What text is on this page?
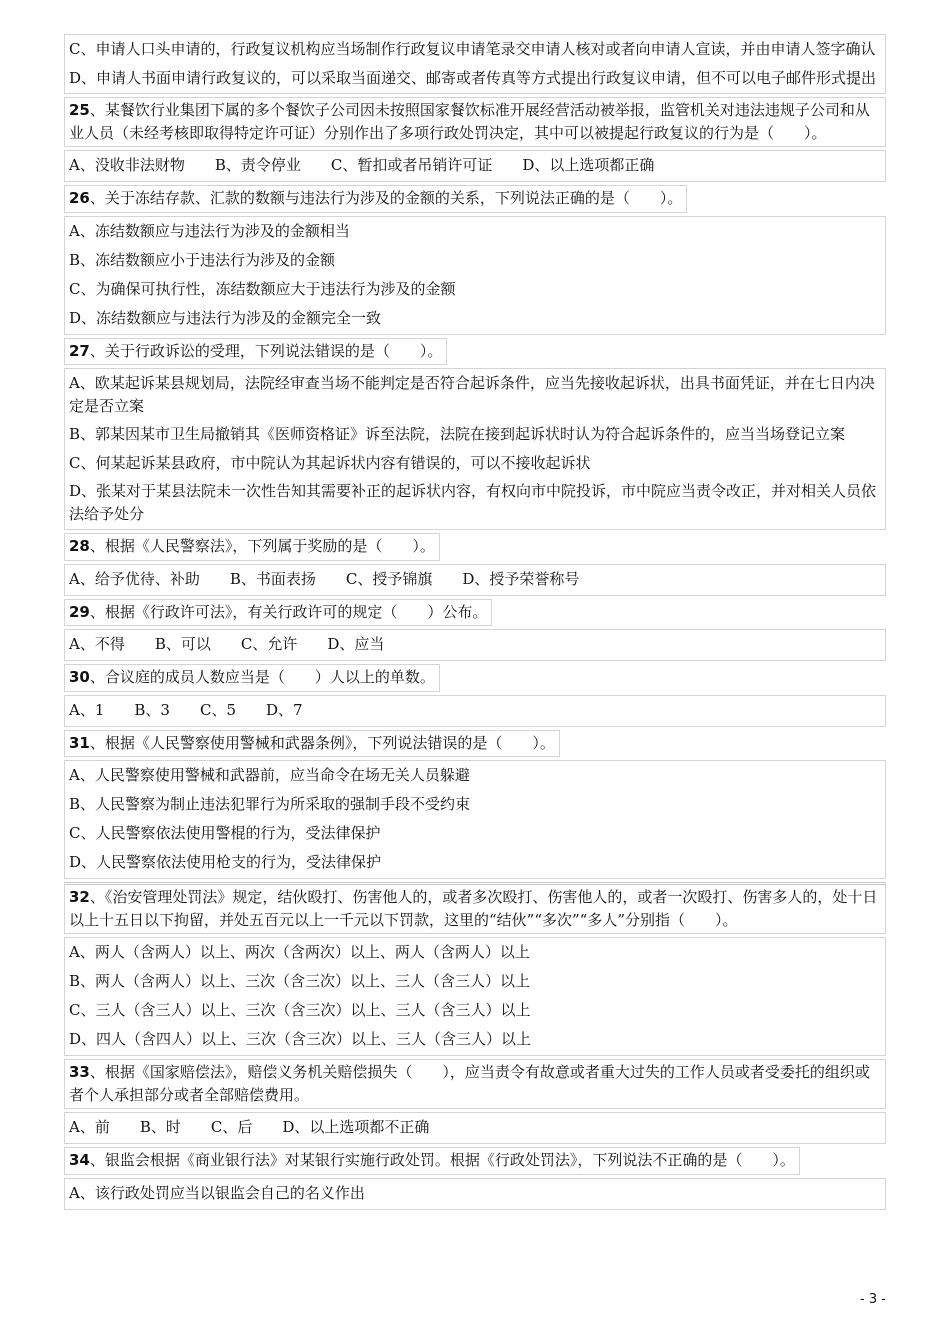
C、申请人口头申请的，行政复议机构应当场制作行政复议申请笔录交申请人核对或者向申请人宣读，并由申请人签字确认
D、申请人书面申请行政复议的，可以采取当面递交、邮寄或者传真等方式提出行政复议申请，但不可以电子邮件形式提出
25、某餐饮行业集团下属的多个餐饮子公司因未按照国家餐饮标准开展经营活动被举报，监管机关对违法违规子公司和从业人员（未经考核即取得特定许可证）分别作出了多项行政处罚决定，其中可以被提起行政复议的行为是（　　）。
A、没收非法财物 B、责令停业 C、暂扣或者吊销许可证 D、以上选项都正确
26、关于冻结存款、汇款的数额与违法行为涉及的金额的关系，下列说法正确的是（　　）。
A、冻结数额应与违法行为涉及的金额相当
B、冻结数额应小于违法行为涉及的金额
C、为确保可执行性，冻结数额应大于违法行为涉及的金额
D、冻结数额应与违法行为涉及的金额完全一致
27、关于行政诉讼的受理，下列说法错误的是（　　）。
A、欧某起诉某县规划局，法院经审查当场不能判定是否符合起诉条件，应当先接收起诉状，出具书面凭证，并在七日内决定是否立案
B、郭某因某市卫生局撤销其《医师资格证》诉至法院，法院在接到起诉状时认为符合起诉条件的，应当当场登记立案
C、何某起诉某县政府，市中院认为其起诉状内容有错误的，可以不接收起诉状
D、张某对于某县法院未一次性告知其需要补正的起诉状内容，有权向市中院投诉，市中院应当责令改正，并对相关人员依法给予处分
28、根据《人民警察法》，下列属于奖励的是（　　）。
A、给予优待、补助 B、书面表扬 C、授予锦旗 D、授予荣誉称号
29、根据《行政许可法》，有关行政许可的规定（　　）公布。
A、不得 B、可以 C、允许 D、应当
30、合议庭的成员人数应当是（　　）人以上的单数。
A、1 B、3 C、5 D、7
31、根据《人民警察使用警械和武器条例》，下列说法错误的是（　　）。
A、人民警察使用警械和武器前，应当命令在场无关人员躲避
B、人民警察为制止违法犯罪行为所采取的强制手段不受约束
C、人民警察依法使用警棍的行为，受法律保护
D、人民警察依法使用枪支的行为，受法律保护
32、《治安管理处罚法》规定，结伙殴打、伤害他人的，或者多次殴打、伤害他人的，或者一次殴打、伤害多人的，处十日以上十五日以下拘留，并处五百元以上一千元以下罚款，这里的“结伙”“多次”“多人”分别指（　　）。
A、两人（含两人）以上、两次（含两次）以上、两人（含两人）以上
B、两人（含两人）以上、三次（含三次）以上、三人（含三人）以上
C、三人（含三人）以上、三次（含三次）以上、三人（含三人）以上
D、四人（含四人）以上、三次（含三次）以上、三人（含三人）以上
33、根据《国家赔偿法》，赔偿义务机关赔偿损失（　　），应当责令有故意或者重大过失的工作人员或者受委托的组织或者个人承担部分或者全部赔偿费用。
A、前 B、时 C、后 D、以上选项都不正确
34、银监会根据《商业银行法》对某银行实施行政处罚。根据《行政处罚法》，下列说法不正确的是（　　）。
A、该行政处罚应当以银监会自己的名义作出
- 3 -
